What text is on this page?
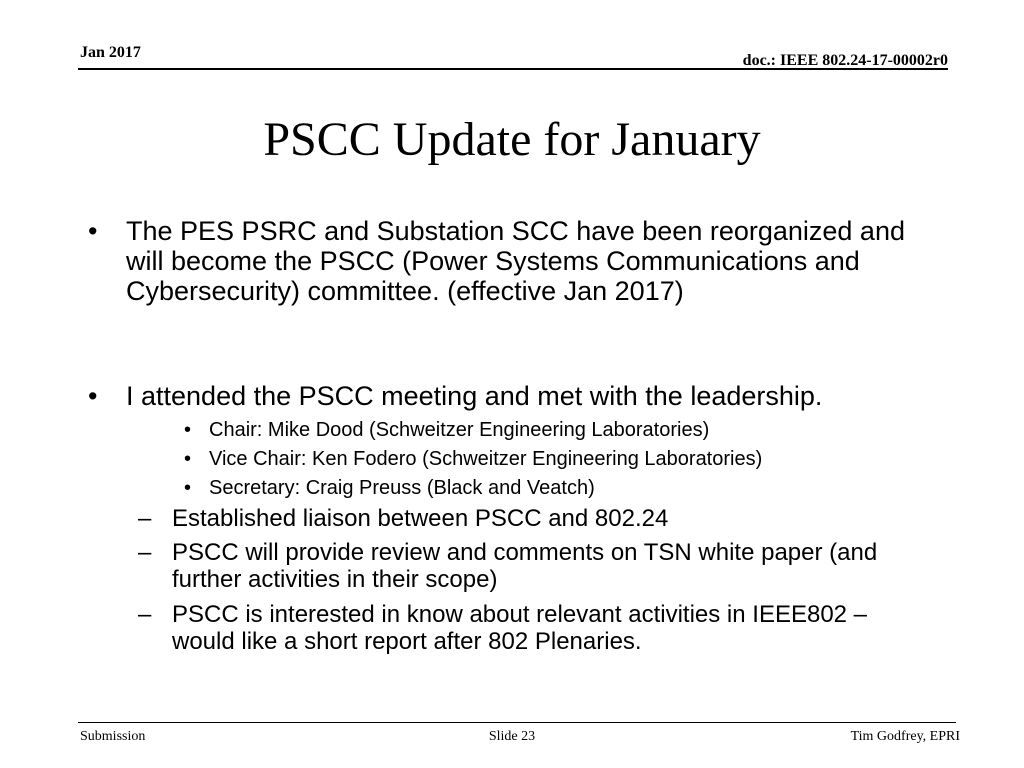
Jan 2017	doc.: IEEE 802.24-17-00002r0
PSCC Update for January
• The PES PSRC and Substation SCC have been reorganized and will become the PSCC (Power Systems Communications and Cybersecurity) committee. (effective Jan 2017)
• I attended the PSCC meeting and met with the leadership.
• Chair: Mike Dood (Schweitzer Engineering Laboratories)
• Vice Chair: Ken Fodero (Schweitzer Engineering Laboratories)
• Secretary: Craig Preuss (Black and Veatch)
– Established liaison between PSCC and 802.24
– PSCC will provide review and comments on TSN white paper (and further activities in their scope)
– PSCC is interested in know about relevant activities in IEEE802 – would like a short report after 802 Plenaries.
Submission	Slide 23	Tim Godfrey, EPRI
